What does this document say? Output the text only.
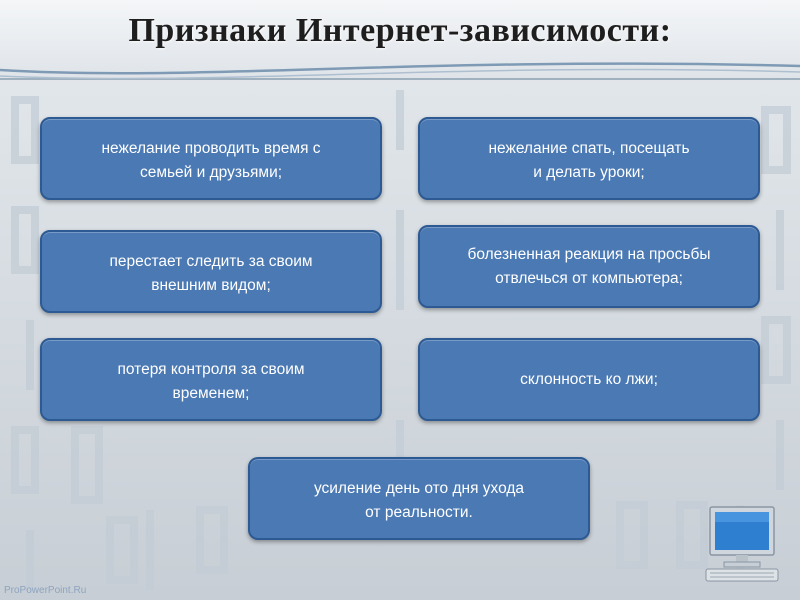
Признаки Интернет-зависимости:
нежелание проводить время с
семьей и друзьями;
нежелание спать, посещать
и делать уроки;
перестает следить за своим
внешним видом;
болезненная реакция на просьбы
отвлечься от компьютера;
потеря контроля за своим
временем;
склонность ко лжи;
усиление день ото дня ухода
от реальности.
ProPowerPoint.Ru
